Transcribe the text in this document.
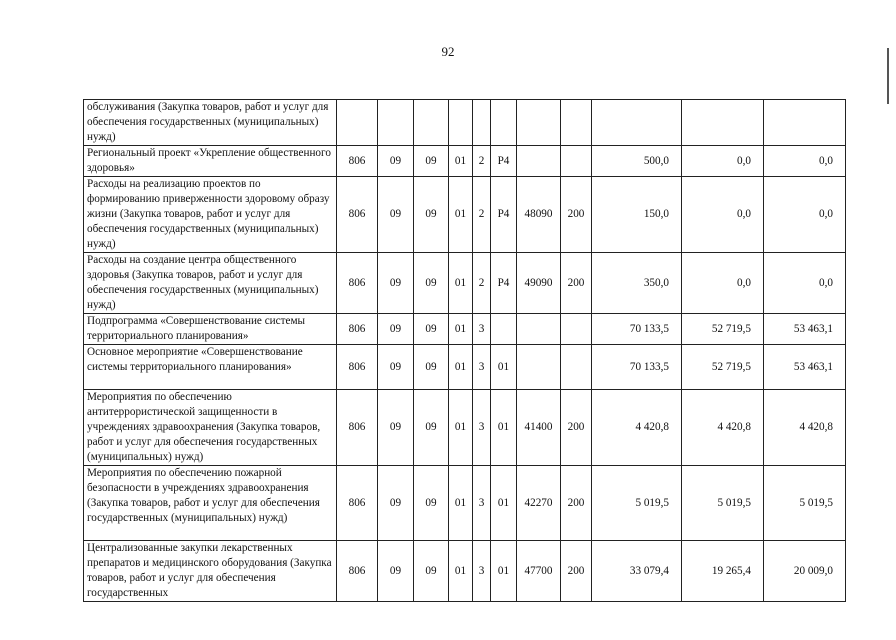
92
обслуживания (Закупка товаров, работ и услуг для обеспечения государственных (муниципальных) нужд)											
Региональный проект «Укрепление общественного здоровья»	806	09	09	01	2	P4			500,0	0,0	0,0
Расходы на реализацию проектов по формированию приверженности здоровому образу жизни (Закупка товаров, работ и услуг для обеспечения государственных (муниципальных) нужд)	806	09	09	01	2	P4	48090	200	150,0	0,0	0,0
Расходы на создание центра общественного здоровья (Закупка товаров, работ и услуг для обеспечения государственных (муниципальных) нужд)	806	09	09	01	2	P4	49090	200	350,0	0,0	0,0
Подпрограмма «Совершенствование системы территориального планирования»	806	09	09	01	3				70 133,5	52 719,5	53 463,1
Основное мероприятие «Совершенствование системы территориального планирования»	806	09	09	01	3	01			70 133,5	52 719,5	53 463,1
Мероприятия по обеспечению антитеррористической защищенности в учреждениях здравоохранения (Закупка товаров, работ и услуг для обеспечения государственных (муниципальных) нужд)	806	09	09	01	3	01	41400	200	4 420,8	4 420,8	4 420,8
Мероприятия по обеспечению пожарной безопасности в учреждениях здравоохранения (Закупка товаров, работ и услуг для обеспечения государственных (муниципальных) нужд)	806	09	09	01	3	01	42270	200	5 019,5	5 019,5	5 019,5
Централизованные закупки лекарственных препаратов и медицинского оборудования (Закупка товаров, работ и услуг для обеспечения государственных	806	09	09	01	3	01	47700	200	33 079,4	19 265,4	20 009,0
